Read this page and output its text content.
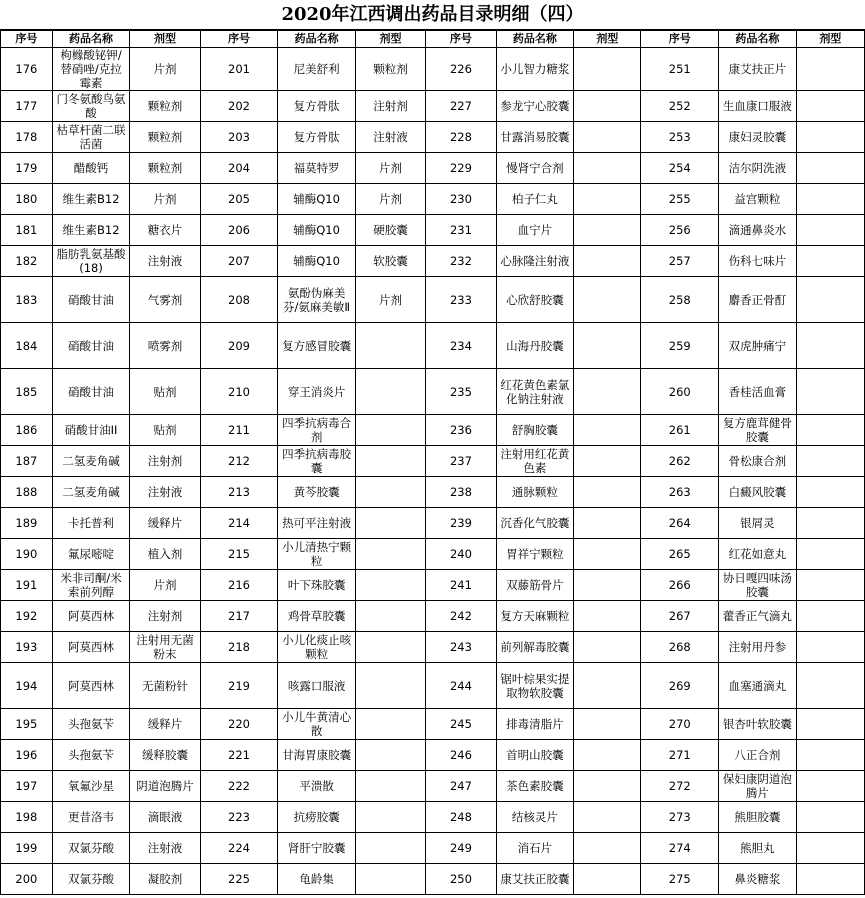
2020年江西调出药品目录明细（四）
序号	药品名称	剂型	序号	药品名称	剂型	序号	药品名称	剂型	序号	药品名称	剂型
176	枸橼酸铋钾/替硝唑/克拉霉素	片剂	201	尼美舒利	颗粒剂	226	小儿智力糖浆		251	康艾扶正片	
177	门冬氨酸鸟氨酸	颗粒剂	202	复方骨肽	注射剂	227	参龙宁心胶囊		252	生血康口服液	
178	枯草杆菌二联活菌	颗粒剂	203	复方骨肽	注射液	228	甘露消易胶囊		253	康妇灵胶囊	
179	醋酸钙	颗粒剂	204	福莫特罗	片剂	229	慢肾宁合剂		254	洁尔阴洗液	
180	维生素B12	片剂	205	辅酶Q10	片剂	230	柏子仁丸		255	益宫颗粒	
181	维生素B12	糖衣片	206	辅酶Q10	硬胶囊	231	血宁片		256	滴通鼻炎水	
182	脂肪乳氨基酸(18)	注射液	207	辅酶Q10	软胶囊	232	心脉隆注射液		257	伤科七味片	
183	硝酸甘油	气雾剂	208	氨酚伪麻美芬/氨麻美敏Ⅱ	片剂	233	心欣舒胶囊		258	麝香正骨酊	
184	硝酸甘油	喷雾剂	209	复方感冒胶囊		234	山海丹胶囊		259	双虎肿痛宁	
185	硝酸甘油	贴剂	210	穿王消炎片		235	红花黄色素氯化钠注射液		260	香桂活血膏	
186	硝酸甘油II	贴剂	211	四季抗病毒合剂		236	舒胸胶囊		261	复方鹿茸健骨胶囊	
187	二氢麦角碱	注射剂	212	四季抗病毒胶囊		237	注射用红花黄色素		262	骨松康合剂	
188	二氢麦角碱	注射液	213	黄芩胶囊		238	通脉颗粒		263	白癜风胶囊	
189	卡托普利	缓释片	214	热可平注射液		239	沉香化气胶囊		264	银屑灵	
190	氟尿嘧啶	植入剂	215	小儿清热宁颗粒		240	胃祥宁颗粒		265	红花如意丸	
191	米非司酮/米索前列醇	片剂	216	叶下珠胶囊		241	双藤筋骨片		266	协日嘎四味汤胶囊	
192	阿莫西林	注射剂	217	鸡骨草胶囊		242	复方天麻颗粒		267	藿香正气滴丸	
193	阿莫西林	注射用无菌粉末	218	小儿化痰止咳颗粒		243	前列解毒胶囊		268	注射用丹参	
194	阿莫西林	无菌粉针	219	咳露口服液		244	锯叶棕果实提取物软胶囊		269	血塞通滴丸	
195	头孢氨苄	缓释片	220	小儿牛黄清心散		245	排毒清脂片		270	银杏叶软胶囊	
196	头孢氨苄	缓释胶囊	221	甘海胃康胶囊		246	首明山胶囊		271	八正合剂	
197	氧氟沙星	阴道泡腾片	222	平溃散		247	茶色素胶囊		272	保妇康阴道泡腾片	
198	更昔洛韦	滴眼液	223	抗痨胶囊		248	结核灵片		273	熊胆胶囊	
199	双氯芬酸	注射液	224	肾肝宁胶囊		249	消石片		274	熊胆丸	
200	双氯芬酸	凝胶剂	225	龟龄集		250	康艾扶正胶囊		275	鼻炎糖浆	
